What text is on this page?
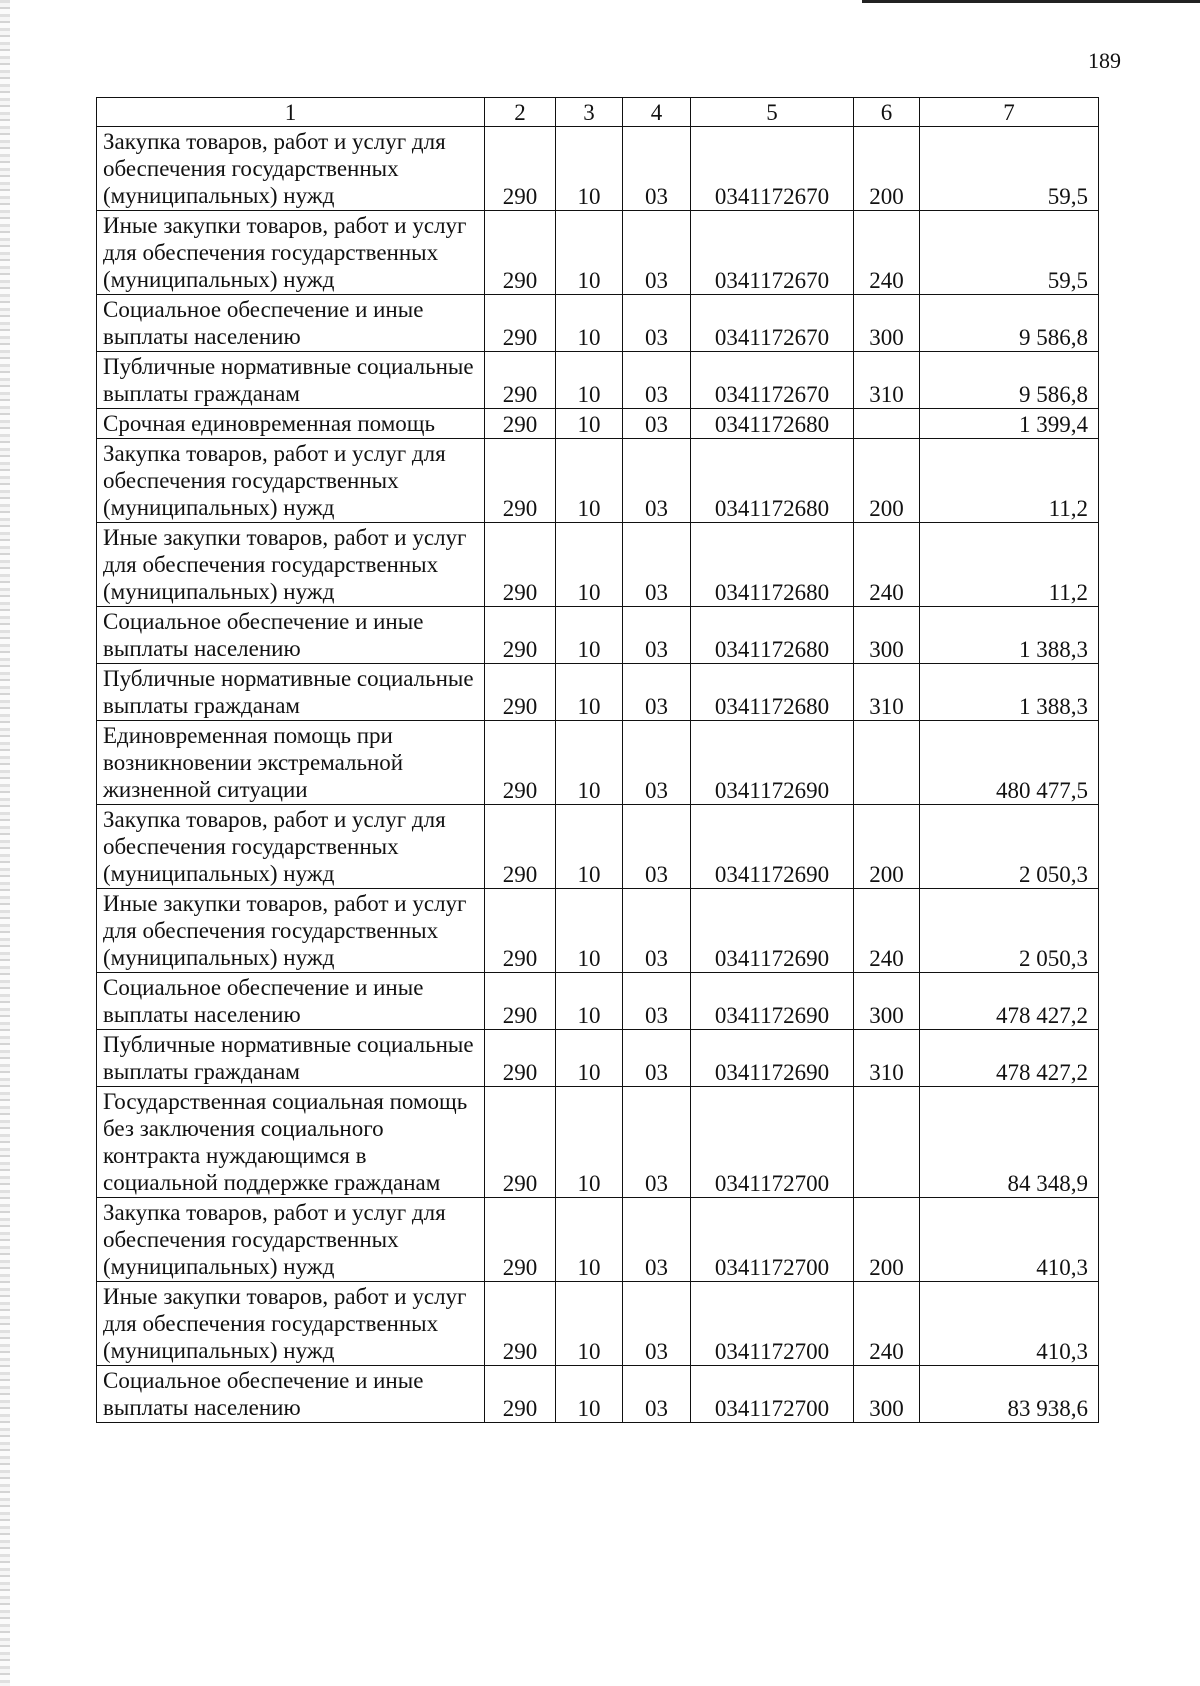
189
1	2	3	4	5	6	7
Закупка товаров, работ и услуг для обеспечения государственных (муниципальных) нужд	290	10	03	0341172670	200	59,5
Иные закупки товаров, работ и услуг для обеспечения государственных (муниципальных) нужд	290	10	03	0341172670	240	59,5
Социальное обеспечение и иные выплаты населению	290	10	03	0341172670	300	9 586,8
Публичные нормативные социальные выплаты гражданам	290	10	03	0341172670	310	9 586,8
Срочная единовременная помощь	290	10	03	0341172680		1 399,4
Закупка товаров, работ и услуг для обеспечения государственных (муниципальных) нужд	290	10	03	0341172680	200	11,2
Иные закупки товаров, работ и услуг для обеспечения государственных (муниципальных) нужд	290	10	03	0341172680	240	11,2
Социальное обеспечение и иные выплаты населению	290	10	03	0341172680	300	1 388,3
Публичные нормативные социальные выплаты гражданам	290	10	03	0341172680	310	1 388,3
Единовременная помощь при возникновении экстремальной жизненной ситуации	290	10	03	0341172690		480 477,5
Закупка товаров, работ и услуг для обеспечения государственных (муниципальных) нужд	290	10	03	0341172690	200	2 050,3
Иные закупки товаров, работ и услуг для обеспечения государственных (муниципальных) нужд	290	10	03	0341172690	240	2 050,3
Социальное обеспечение и иные выплаты населению	290	10	03	0341172690	300	478 427,2
Публичные нормативные социальные выплаты гражданам	290	10	03	0341172690	310	478 427,2
Государственная социальная помощь без заключения социального контракта нуждающимся в социальной поддержке гражданам	290	10	03	0341172700		84 348,9
Закупка товаров, работ и услуг для обеспечения государственных (муниципальных) нужд	290	10	03	0341172700	200	410,3
Иные закупки товаров, работ и услуг для обеспечения государственных (муниципальных) нужд	290	10	03	0341172700	240	410,3
Социальное обеспечение и иные выплаты населению	290	10	03	0341172700	300	83 938,6
